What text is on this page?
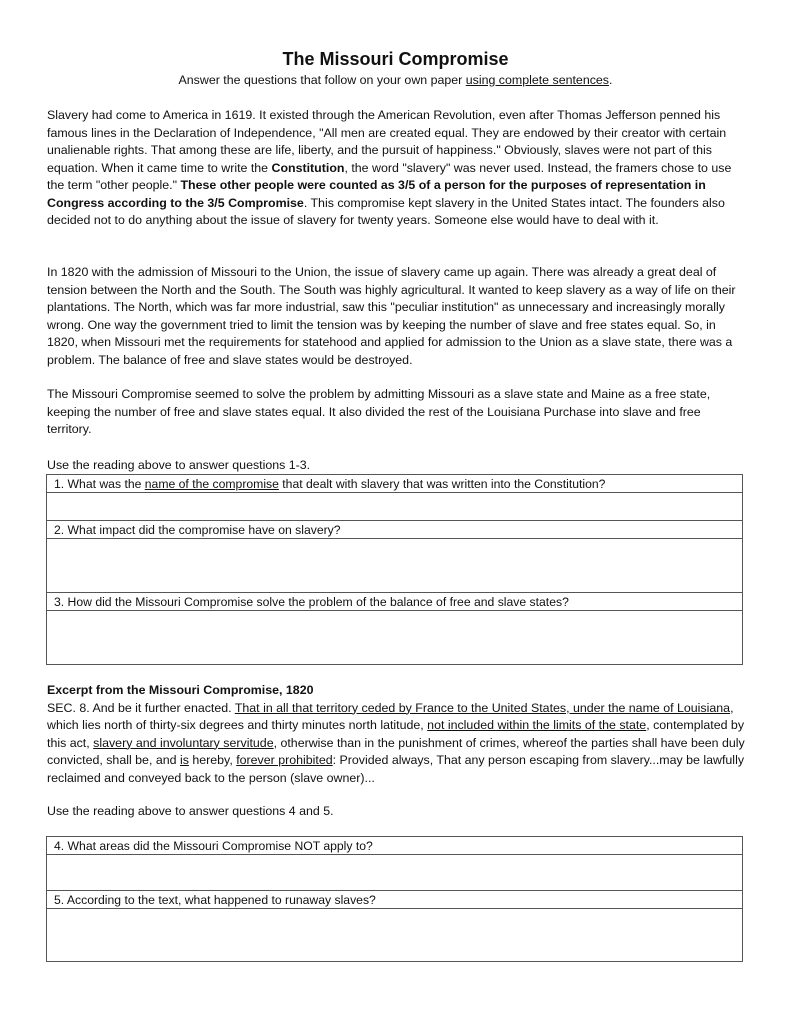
The Missouri Compromise
Answer the questions that follow on your own paper using complete sentences.

Slavery had come to America in 1619. It existed through the American Revolution, even after Thomas Jefferson penned his famous lines in the Declaration of Independence, "All men are created equal. They are endowed by their creator with certain unalienable rights. That among these are life, liberty, and the pursuit of happiness." Obviously, slaves were not part of this equation. When it came time to write the Constitution, the word "slavery" was never used. Instead, the framers chose to use the term "other people." These other people were counted as 3/5 of a person for the purposes of representation in Congress according to the 3/5 Compromise. This compromise kept slavery in the United States intact. The founders also decided not to do anything about the issue of slavery for twenty years. Someone else would have to deal with it.

In 1820 with the admission of Missouri to the Union, the issue of slavery came up again. There was already a great deal of tension between the North and the South. The South was highly agricultural. It wanted to keep slavery as a way of life on their plantations. The North, which was far more industrial, saw this "peculiar institution" as unnecessary and increasingly morally wrong. One way the government tried to limit the tension was by keeping the number of slave and free states equal. So, in 1820, when Missouri met the requirements for statehood and applied for admission to the Union as a slave state, there was a problem. The balance of free and slave states would be destroyed.

The Missouri Compromise seemed to solve the problem by admitting Missouri as a slave state and Maine as a free state, keeping the number of free and slave states equal. It also divided the rest of the Louisiana Purchase into slave and free territory.

Use the reading above to answer questions 1-3.
1. What was the name of the compromise that dealt with slavery that was written into the Constitution?
2. What impact did the compromise have on slavery?
3. How did the Missouri Compromise solve the problem of the balance of free and slave states?

Excerpt from the Missouri Compromise, 1820

SEC. 8. And be it further enacted. That in all that territory ceded by France to the United States, under the name of Louisiana, which lies north of thirty-six degrees and thirty minutes north latitude, not included within the limits of the state, contemplated by this act, slavery and involuntary servitude, otherwise than in the punishment of crimes, whereof the parties shall have been duly convicted, shall be, and is hereby, forever prohibited: Provided always, That any person escaping from slavery...may be lawfully reclaimed and conveyed back to the person (slave owner)...

Use the reading above to answer questions 4 and 5.
4. What areas did the Missouri Compromise NOT apply to?
5. According to the text, what happened to runaway slaves?
